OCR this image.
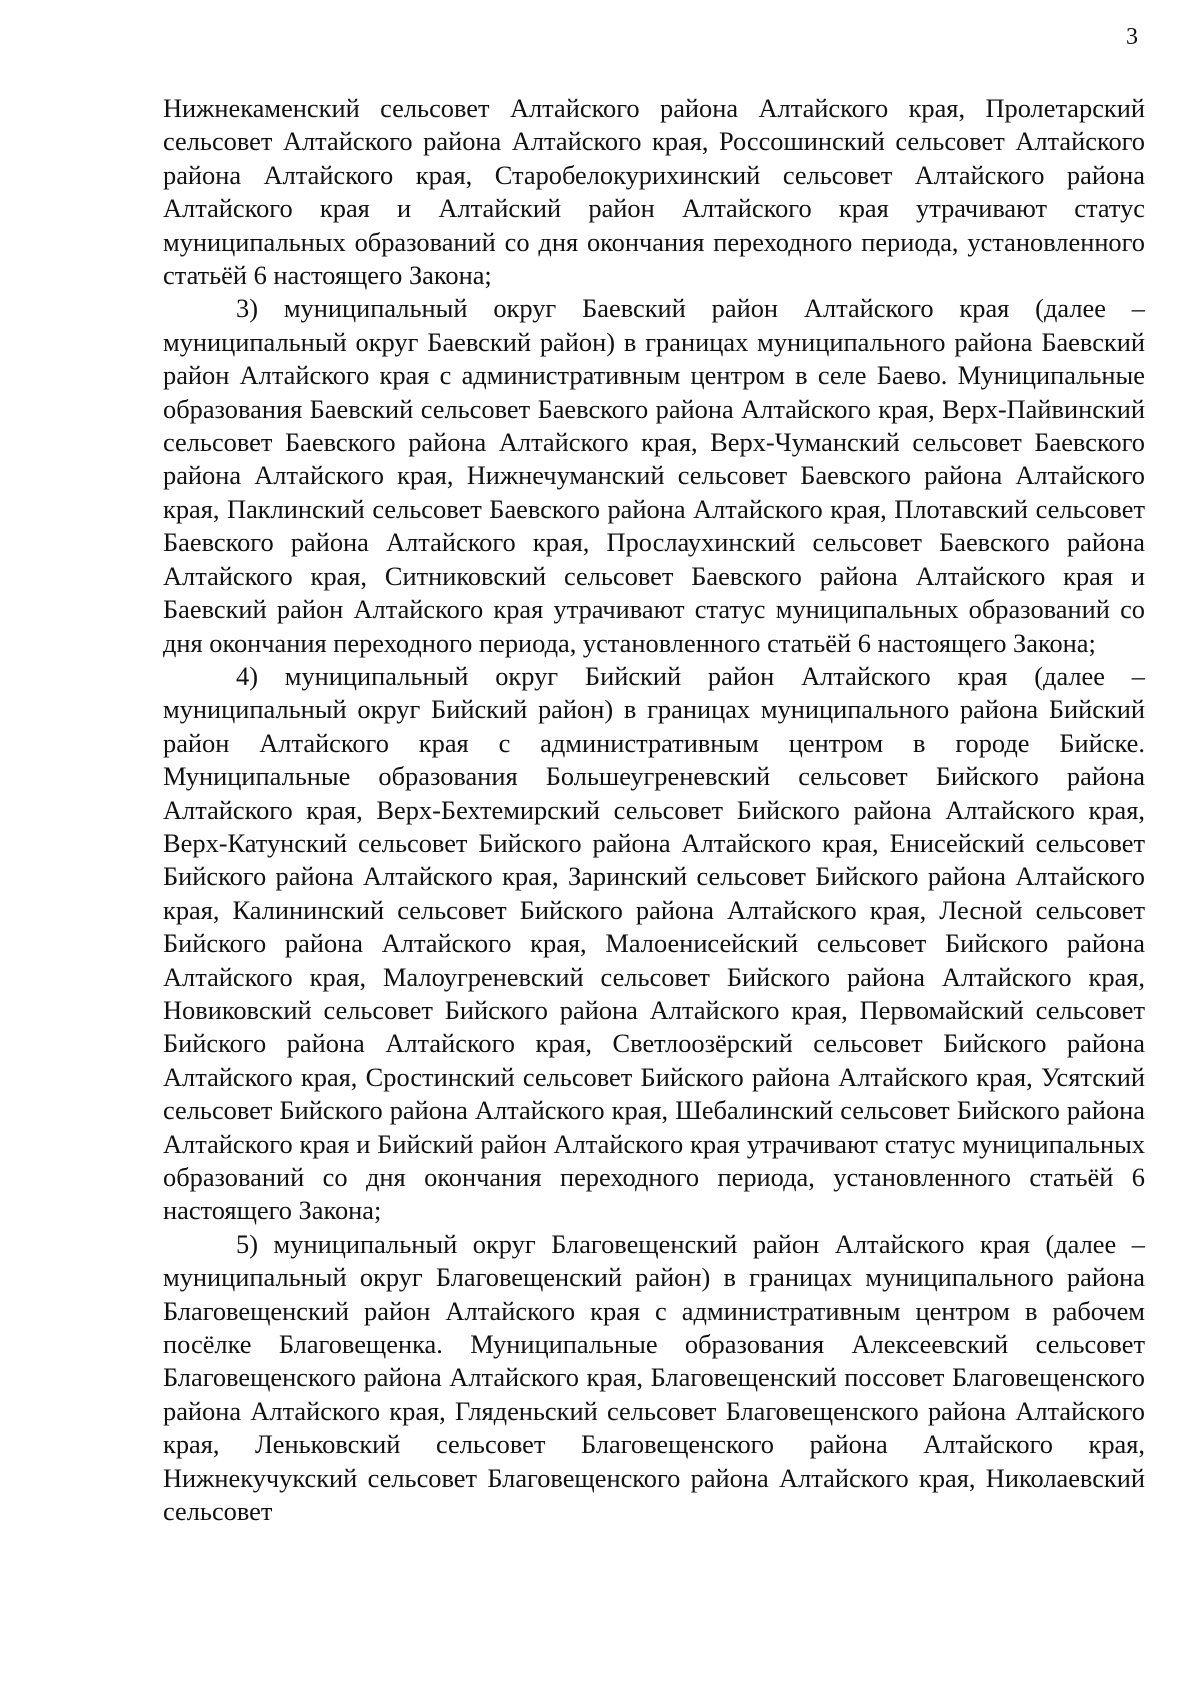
3

Нижнекаменский сельсовет Алтайского района Алтайского края, Пролетарский сельсовет Алтайского района Алтайского края, Россошинский сельсовет Алтайского района Алтайского края, Старобелокурихинский сельсовет Алтайского района Алтайского края и Алтайский район Алтайского края утрачивают статус муниципальных образований со дня окончания переходного периода, установленного статьёй 6 настоящего Закона;

3) муниципальный округ Баевский район Алтайского края (далее – муниципальный округ Баевский район) в границах муниципального района Баевский район Алтайского края с административным центром в селе Баево. Муниципальные образования Баевский сельсовет Баевского района Алтайского края, Верх-Пайвинский сельсовет Баевского района Алтайского края, Верх-Чуманский сельсовет Баевского района Алтайского края, Нижнечуманский сельсовет Баевского района Алтайского края, Паклинский сельсовет Баевского района Алтайского края, Плотавский сельсовет Баевского района Алтайского края, Прослаухинский сельсовет Баевского района Алтайского края, Ситниковский сельсовет Баевского района Алтайского края и Баевский район Алтайского края утрачивают статус муниципальных образований со дня окончания переходного периода, установленного статьёй 6 настоящего Закона;

4) муниципальный округ Бийский район Алтайского края (далее – муниципальный округ Бийский район) в границах муниципального района Бийский район Алтайского края с административным центром в городе Бийске. Муниципальные образования Большеугреневский сельсовет Бийского района Алтайского края, Верх-Бехтемирский сельсовет Бийского района Алтайского края, Верх-Катунский сельсовет Бийского района Алтайского края, Енисейский сельсовет Бийского района Алтайского края, Заринский сельсовет Бийского района Алтайского края, Калининский сельсовет Бийского района Алтайского края, Лесной сельсовет Бийского района Алтайского края, Малоенисейский сельсовет Бийского района Алтайского края, Малоугреневский сельсовет Бийского района Алтайского края, Новиковский сельсовет Бийского района Алтайского края, Первомайский сельсовет Бийского района Алтайского края, Светлоозёрский сельсовет Бийского района Алтайского края, Сростинский сельсовет Бийского района Алтайского края, Усятский сельсовет Бийского района Алтайского края, Шебалинский сельсовет Бийского района Алтайского края и Бийский район Алтайского края утрачивают статус муниципальных образований со дня окончания переходного периода, установленного статьёй 6 настоящего Закона;

5) муниципальный округ Благовещенский район Алтайского края (далее – муниципальный округ Благовещенский район) в границах муниципального района Благовещенский район Алтайского края с административным центром в рабочем посёлке Благовещенка. Муниципальные образования Алексеевский сельсовет Благовещенского района Алтайского края, Благовещенский поссовет Благовещенского района Алтайского края, Гляденьский сельсовет Благовещенского района Алтайского края, Леньковский сельсовет Благовещенского района Алтайского края, Нижнекучукский сельсовет Благовещенского района Алтайского края, Николаевский сельсовет
